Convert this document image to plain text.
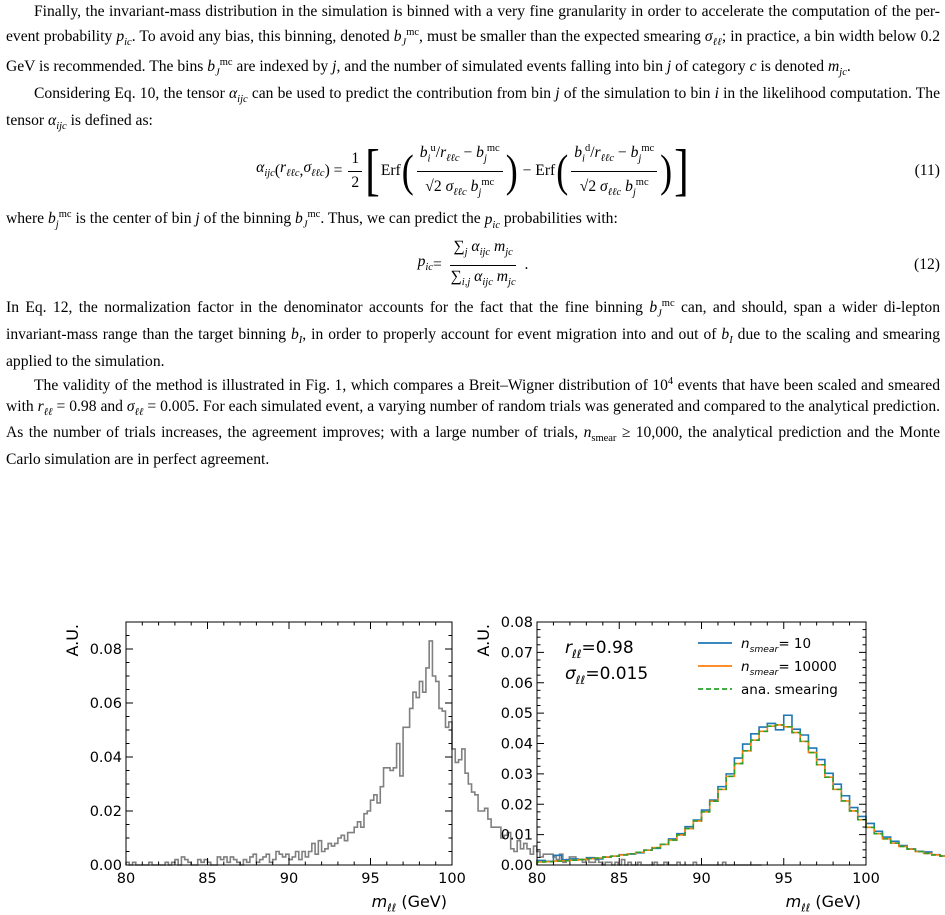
Finally, the invariant-mass distribution in the simulation is binned with a very fine granularity in order to accelerate the computation of the per-event probability $p_{ic}$. To avoid any bias, this binning, denoted $b_J^{mc}$, must be smaller than the expected smearing $\sigma_{\ell\ell}$; in practice, a bin width below 0.2 GeV is recommended. The bins $b_J^{mc}$ are indexed by j, and the number of simulated events falling into bin j of category c is denoted $m_{jc}$.

Considering Eq. 10, the tensor $\alpha_{ijc}$ can be used to predict the contribution from bin j of the simulation to bin i in the likelihood computation. The tensor $\alpha_{ijc}$ is defined as:

$\alpha_{ijc}$ ( $r_{\ell\ell c}$ , $\sigma_{\ell\ell c}$ ) = $\frac{1}{2}$ [ Erf ( $\frac{b_i^u/r_{\ell\ell c} - b_j^{mc}}{√2 \sigma_{\ell\ell c} b_j^{mc}}$ ) − Erf ( $\frac{b_i^d/r_{\ell\ell c} - b_j^{mc}}{√2 \sigma_{\ell\ell c} b_j^{mc}}$ ) ]	(11)

where $b_j^{mc}$ is the center of bin j of the binning $b_J^{mc}$. Thus, we can predict the $p_{ic}$ probabilities with:

$p_{ic} = \frac{\sum_j \alpha_{ijc} m_{jc}}{\sum_{i,j} \alpha_{ijc} m_{jc}}$ .	(12)

In Eq. 12, the normalization factor in the denominator accounts for the fact that the fine binning $b_J^{mc}$ can, and should, span a wider di-lepton invariant-mass range than the target binning $b_I$, in order to properly account for event migration into and out of $b_I$ due to the scaling and smearing applied to the simulation.

The validity of the method is illustrated in Fig. 1, which compares a Breit–Wigner distribution of $10^4$ events that have been scaled and smeared with $r_{\ell\ell} = 0.98$ and $\sigma_{\ell\ell} = 0.005$. For each simulated event, a varying number of random trials was generated and compared to the analytical prediction. As the number of trials increases, the agreement improves; with a large number of trials, $n_{smear} \ge 10,000$, the analytical prediction and the Monte Carlo simulation are in perfect agreement.

80	85	90	95	100
0.00
0.02
0.04
0.06
0.08
A.U.
$m_{\ell\ell}$ (GeV)
80	85	90	95	100
0.00
0.01
0.02
0.03
0.04
0.05
0.06
0.07
0.08
A.U.
$m_{\ell\ell}$ (GeV)
$r_{\ell\ell}=0.98$
$\sigma_{\ell\ell}=0.015$
$n_{smear}= 10$
$n_{smear}= 10000$
ana. smearing
